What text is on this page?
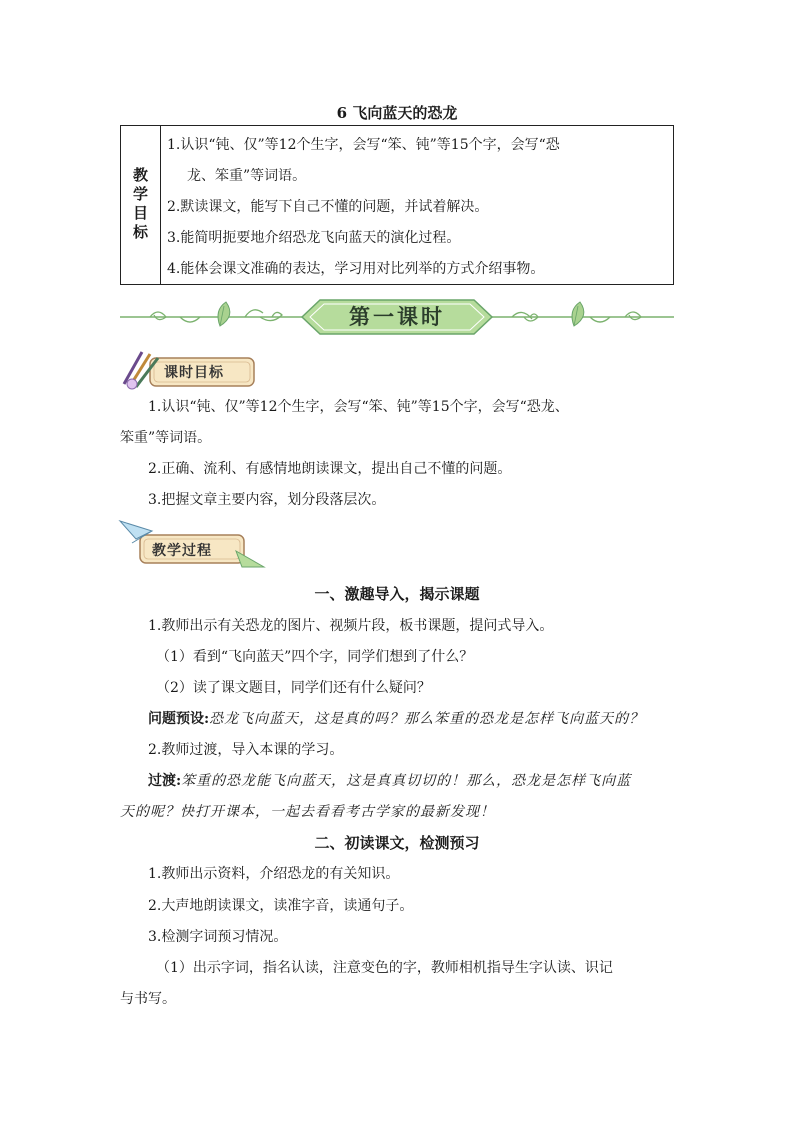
6 飞向蓝天的恐龙
教学目标
1.认识“钝、仅”等12个生字，会写“笨、钝”等15个字，会写“恐
龙、笨重”等词语。
2.默读课文，能写下自己不懂的问题，并试着解决。
3.能简明扼要地介绍恐龙飞向蓝天的演化过程。
4.能体会课文准确的表达，学习用对比列举的方式介绍事物。
第一课时
课时目标
1.认识“钝、仅”等12个生字，会写“笨、钝”等15个字，会写“恐龙、
笨重”等词语。
2.正确、流利、有感情地朗读课文，提出自己不懂的问题。
3.把握文章主要内容，划分段落层次。
教学过程
一、激趣导入，揭示课题
1.教师出示有关恐龙的图片、视频片段，板书课题，提问式导入。
（1）看到“飞向蓝天”四个字，同学们想到了什么？
（2）读了课文题目，同学们还有什么疑问？
问题预设:恐龙飞向蓝天，这是真的吗？那么笨重的恐龙是怎样飞向蓝天的？
2.教师过渡，导入本课的学习。
过渡:笨重的恐龙能飞向蓝天，这是真真切切的！那么，恐龙是怎样飞向蓝
天的呢？快打开课本，一起去看看考古学家的最新发现！
二、初读课文，检测预习
1.教师出示资料，介绍恐龙的有关知识。
2.大声地朗读课文，读准字音，读通句子。
3.检测字词预习情况。
（1）出示字词，指名认读，注意变色的字，教师相机指导生字认读、识记
与书写。
